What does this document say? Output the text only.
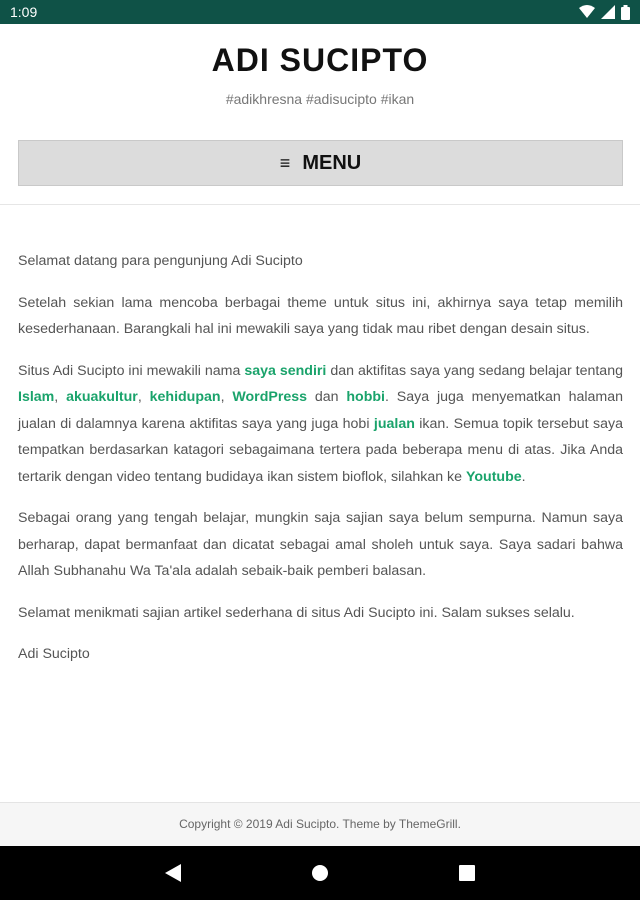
1:09
ADI SUCIPTO
#adikhresna #adisucipto #ikan
≡ MENU

Selamat datang para pengunjung Adi Sucipto

Setelah sekian lama mencoba berbagai theme untuk situs ini, akhirnya saya tetap memilih kesederhanaan. Barangkali hal ini mewakili saya yang tidak mau ribet dengan desain situs.

Situs Adi Sucipto ini mewakili nama saya sendiri dan aktifitas saya yang sedang belajar tentang Islam, akuakultur, kehidupan, WordPress dan hobbi. Saya juga menyematkan halaman jualan di dalamnya karena aktifitas saya yang juga hobi jualan ikan. Semua topik tersebut saya tempatkan berdasarkan katagori sebagaimana tertera pada beberapa menu di atas. Jika Anda tertarik dengan video tentang budidaya ikan sistem bioflok, silahkan ke Youtube.

Sebagai orang yang tengah belajar, mungkin saja sajian saya belum sempurna. Namun saya berharap, dapat bermanfaat dan dicatat sebagai amal sholeh untuk saya. Saya sadari bahwa Allah Subhanahu Wa Ta'ala adalah sebaik-baik pemberi balasan.

Selamat menikmati sajian artikel sederhana di situs Adi Sucipto ini. Salam sukses selalu.

Adi Sucipto

Copyright © 2019 Adi Sucipto. Theme by ThemeGrill.
